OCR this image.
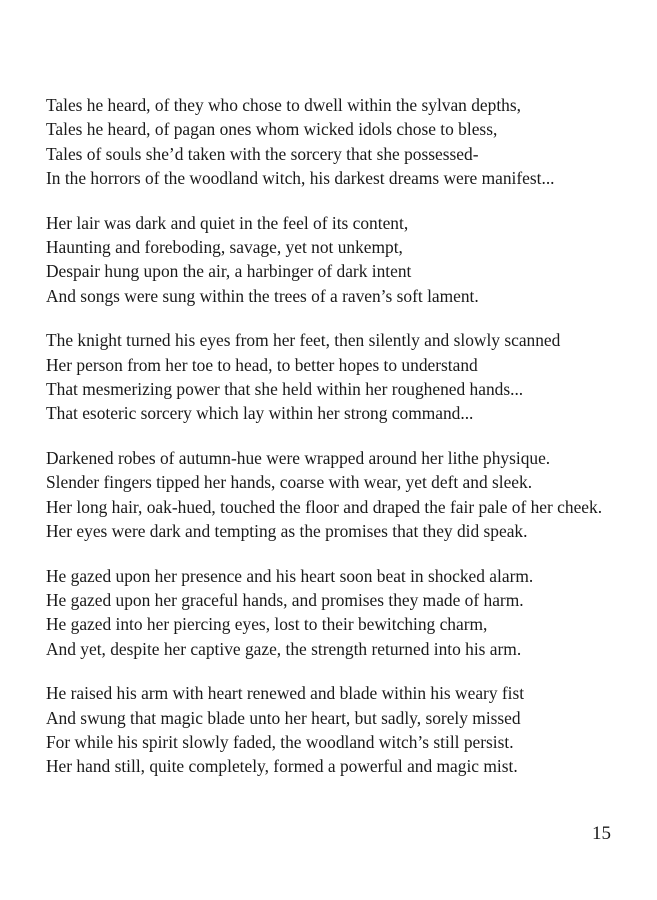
Tales he heard, of they who chose to dwell within the sylvan depths,
Tales he heard, of pagan ones whom wicked idols chose to bless,
Tales of souls she’d taken with the sorcery that she possessed-
In the horrors of the woodland witch, his darkest dreams were manifest...
Her lair was dark and quiet in the feel of its content,
Haunting and foreboding, savage, yet not unkempt,
Despair hung upon the air, a harbinger of dark intent
And songs were sung within the trees of a raven’s soft lament.
The knight turned his eyes from her feet, then silently and slowly scanned
Her person from her toe to head, to better hopes to understand
That mesmerizing power that she held within her roughened hands...
That esoteric sorcery which lay within her strong command...
Darkened robes of autumn-hue were wrapped around her lithe physique.
Slender fingers tipped her hands, coarse with wear, yet deft and sleek.
Her long hair, oak-hued, touched the floor and draped the fair pale of her cheek.
Her eyes were dark and tempting as the promises that they did speak.
He gazed upon her presence and his heart soon beat in shocked alarm.
He gazed upon her graceful hands, and promises they made of harm.
He gazed into her piercing eyes, lost to their bewitching charm,
And yet, despite her captive gaze, the strength returned into his arm.
He raised his arm with heart renewed and blade within his weary fist
And swung that magic blade unto her heart, but sadly, sorely missed
For while his spirit slowly faded, the woodland witch’s still persist.
Her hand still, quite completely, formed a powerful and magic mist.
15
